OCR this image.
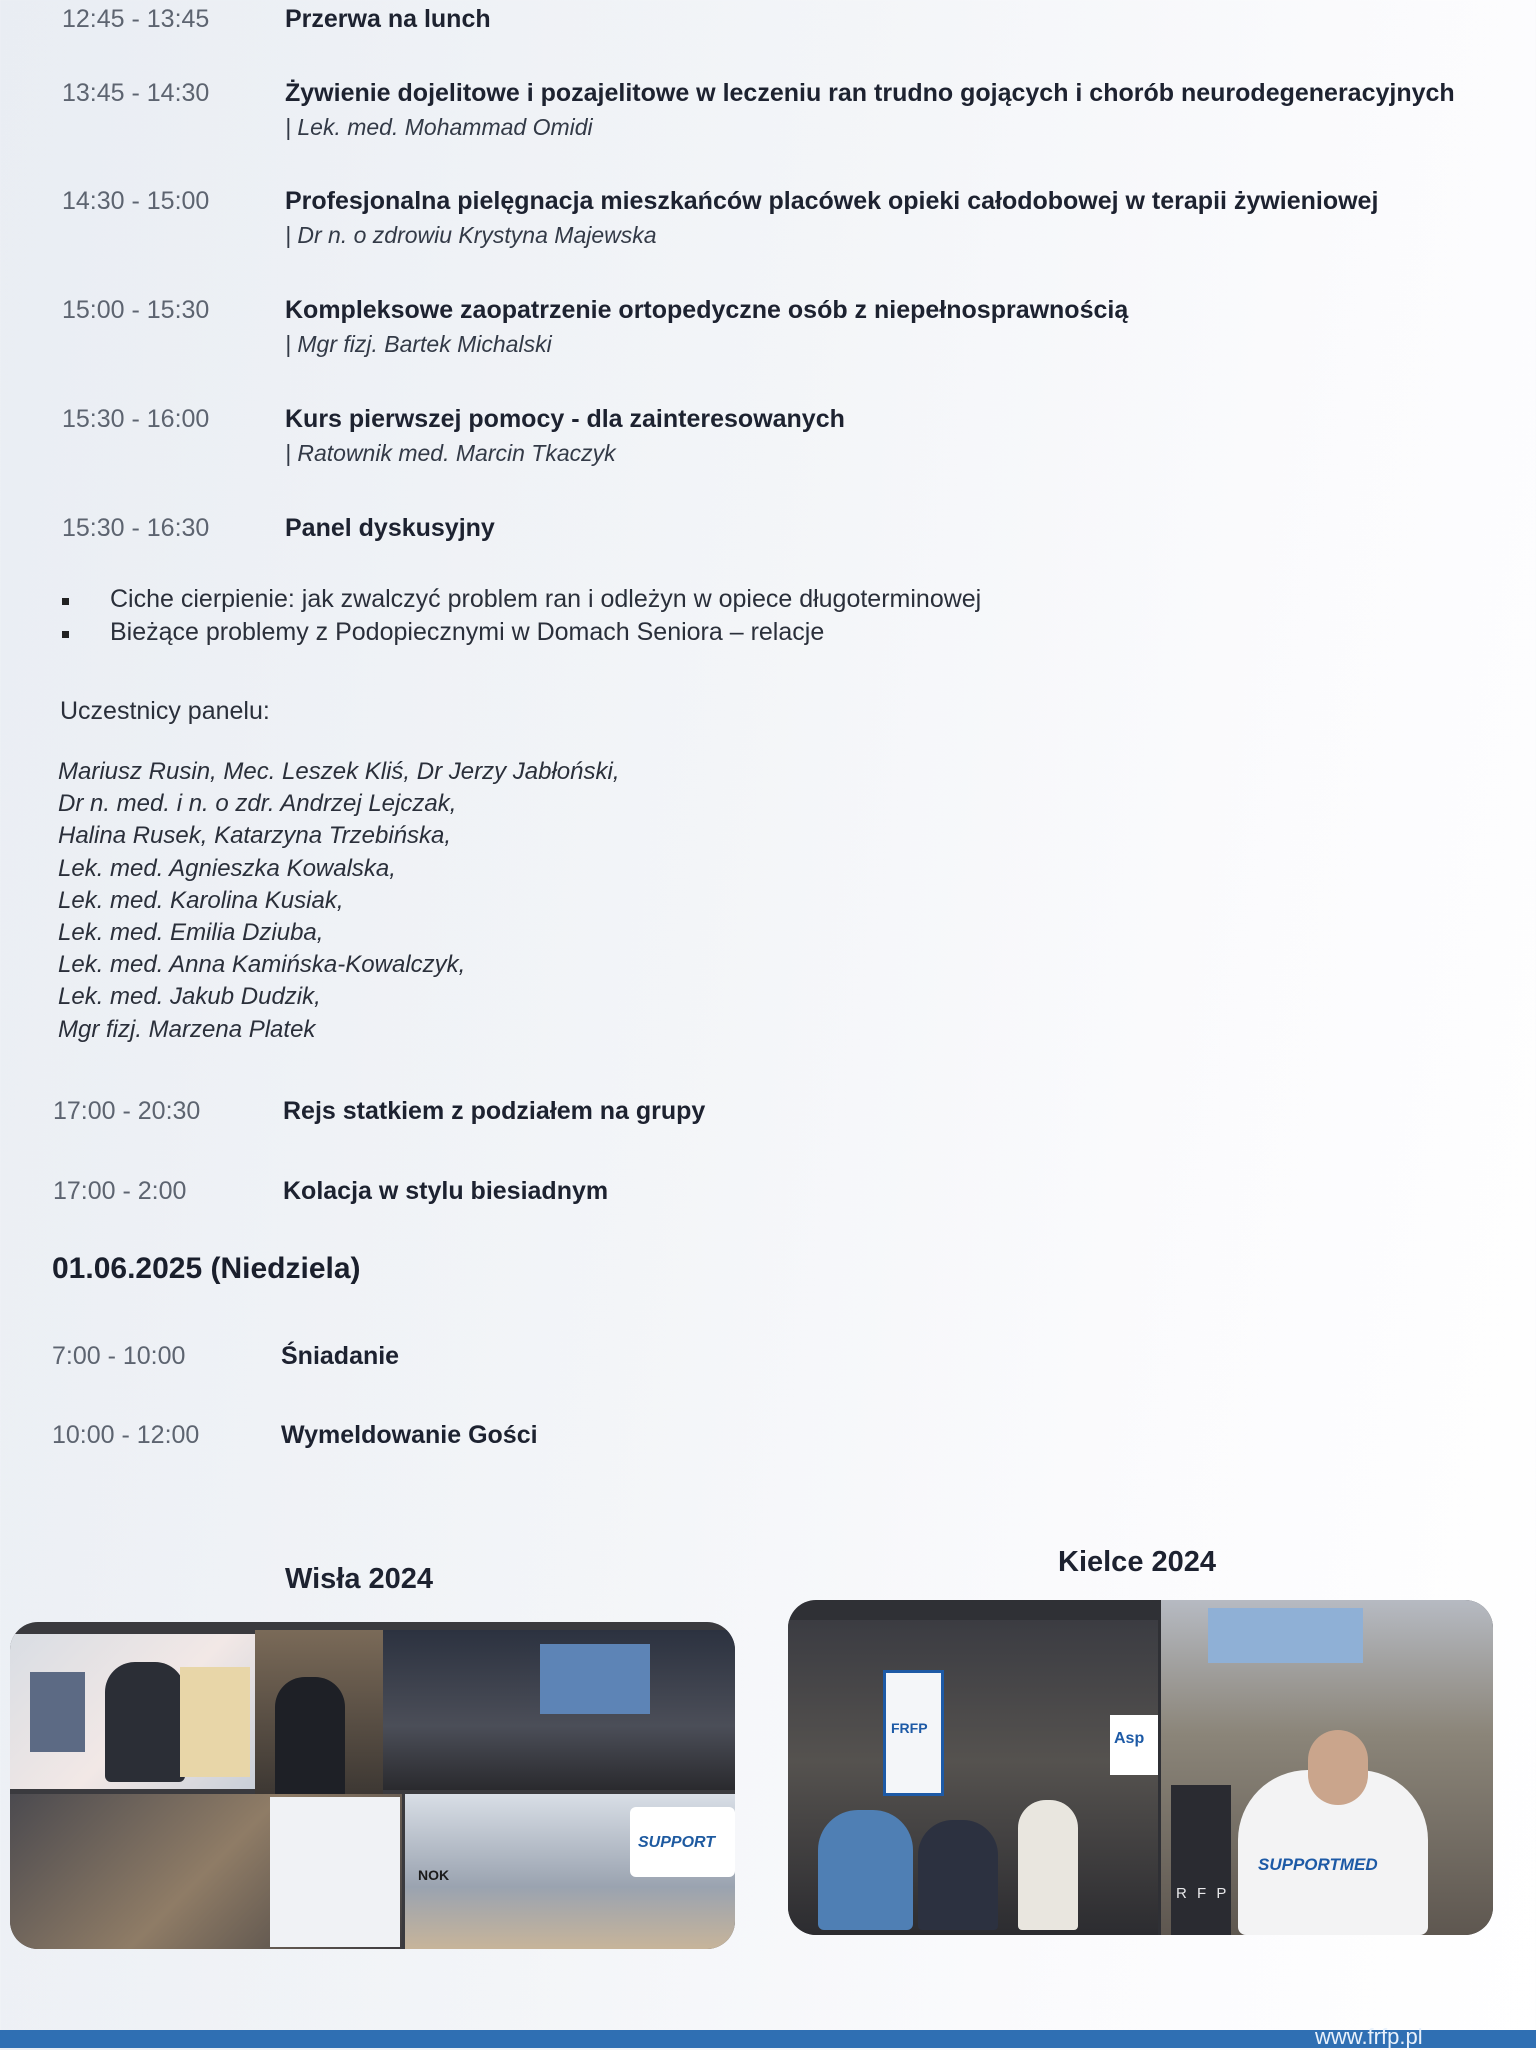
12:45 - 13:45	Przerwa na lunch
13:45 - 14:30	Żywienie dojelitowe i pozajelitowe w leczeniu ran trudno gojących i chorób neurodegeneracyjnych
| Lek. med. Mohammad Omidi
14:30 - 15:00	Profesjonalna pielęgnacja mieszkańców placówek opieki całodobowej w terapii żywieniowej
| Dr n. o zdrowiu Krystyna Majewska
15:00 - 15:30	Kompleksowe zaopatrzenie ortopedyczne osób z niepełnosprawnością
| Mgr fizj. Bartek Michalski
15:30 - 16:00	Kurs pierwszej pomocy - dla zainteresowanych
| Ratownik med. Marcin Tkaczyk
15:30 - 16:30	Panel dyskusyjny
Ciche cierpienie: jak zwalczyć problem ran i odleżyn w opiece długoterminowej
Bieżące problemy z Podopiecznymi w Domach Seniora – relacje
Uczestnicy panelu:
Mariusz Rusin, Mec. Leszek Kliś, Dr Jerzy Jabłoński,
Dr n. med. i n. o zdr. Andrzej Lejczak,
Halina Rusek, Katarzyna Trzebińska,
Lek. med. Agnieszka Kowalska,
Lek. med. Karolina Kusiak,
Lek. med. Emilia Dziuba,
Lek. med. Anna Kamińska-Kowalczyk,
Lek. med. Jakub Dudzik,
Mgr fizj. Marzena Platek
17:00 - 20:30	Rejs statkiem z podziałem na grupy
17:00 - 2:00	Kolacja w stylu biesiadnym
01.06.2025 (Niedziela)
7:00 - 10:00	Śniadanie
10:00 - 12:00	Wymeldowanie Gości
Wisła 2024
Kielce 2024
SUPPORT
NOK
FRFP
Asp
SUPPORTMED
R F P
www.frfp.pl
